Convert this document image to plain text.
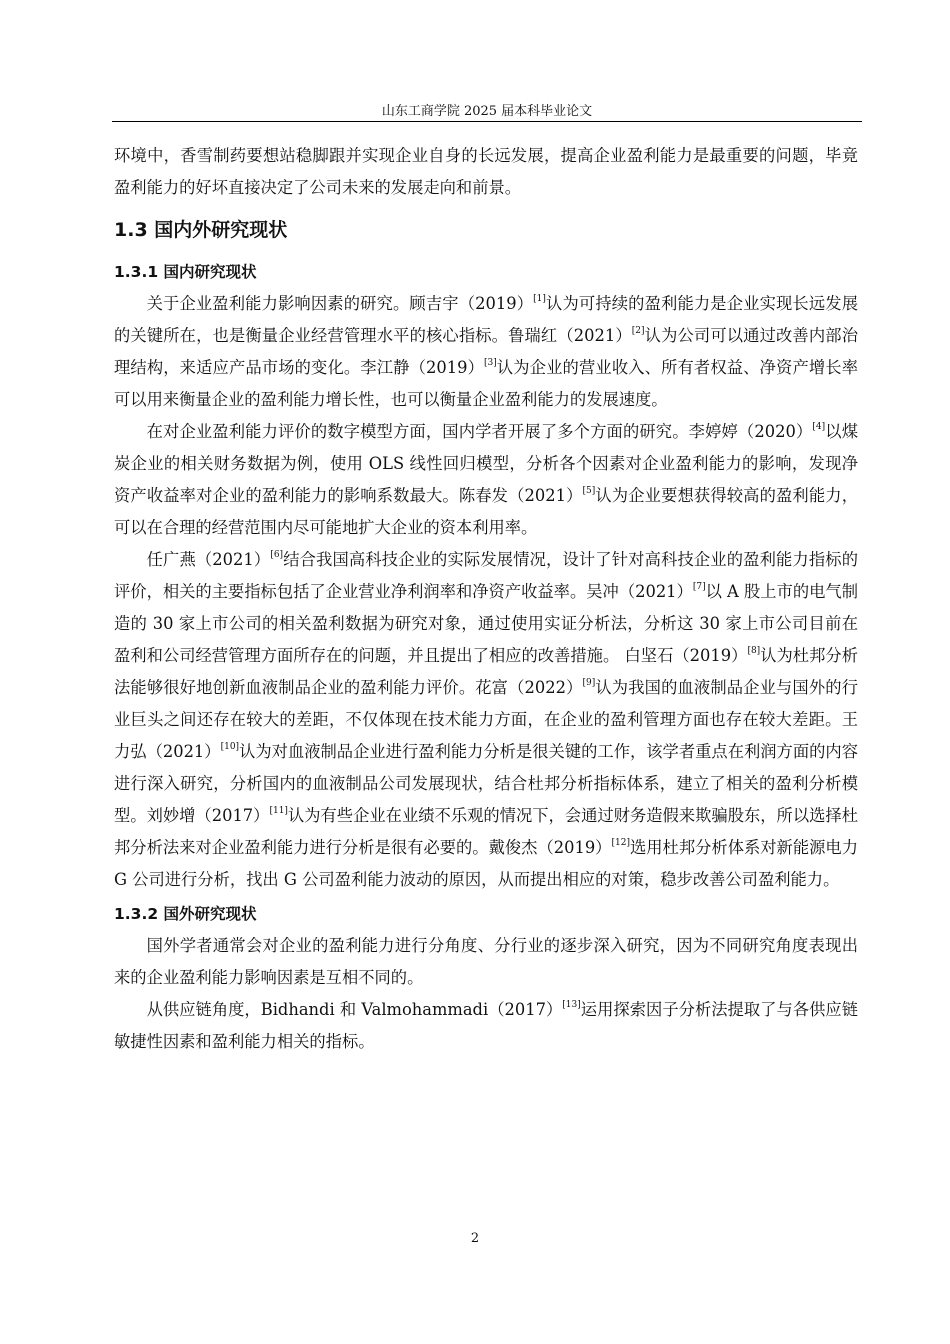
山东工商学院 2025 届本科毕业论文

环境中，香雪制药要想站稳脚跟并实现企业自身的长远发展，提高企业盈利能力是最重要的问题，毕竟盈利能力的好坏直接决定了公司未来的发展走向和前景。

1.3 国内外研究现状
1.3.1 国内研究现状

关于企业盈利能力影响因素的研究。顾吉宇（2019）[1]认为可持续的盈利能力是企业实现长远发展的关键所在，也是衡量企业经营管理水平的核心指标。鲁瑞红（2021）[2]认为公司可以通过改善内部治理结构，来适应产品市场的变化。李江静（2019）[3]认为企业的营业收入、所有者权益、净资产增长率可以用来衡量企业的盈利能力增长性，也可以衡量企业盈利能力的发展速度。

在对企业盈利能力评价的数字模型方面，国内学者开展了多个方面的研究。李婷婷（2020）[4]以煤炭企业的相关财务数据为例，使用 OLS 线性回归模型，分析各个因素对企业盈利能力的影响，发现净资产收益率对企业的盈利能力的影响系数最大。陈春发（2021）[5]认为企业要想获得较高的盈利能力，可以在合理的经营范围内尽可能地扩大企业的资本利用率。

任广燕（2021）[6]结合我国高科技企业的实际发展情况，设计了针对高科技企业的盈利能力指标的评价，相关的主要指标包括了企业营业净利润率和净资产收益率。吴冲（2021）[7]以 A 股上市的电气制造的 30 家上市公司的相关盈利数据为研究对象，通过使用实证分析法，分析这 30 家上市公司目前在盈利和公司经营管理方面所存在的问题，并且提出了相应的改善措施。 白坚石（2019）[8]认为杜邦分析法能够很好地创新血液制品企业的盈利能力评价。花富（2022）[9]认为我国的血液制品企业与国外的行业巨头之间还存在较大的差距，不仅体现在技术能力方面，在企业的盈利管理方面也存在较大差距。王力弘（2021）[10]认为对血液制品企业进行盈利能力分析是很关键的工作，该学者重点在利润方面的内容进行深入研究，分析国内的血液制品公司发展现状，结合杜邦分析指标体系，建立了相关的盈利分析模型。刘妙增（2017）[11]认为有些企业在业绩不乐观的情况下，会通过财务造假来欺骗股东，所以选择杜邦分析法来对企业盈利能力进行分析是很有必要的。戴俊杰（2019）[12]选用杜邦分析体系对新能源电力 G 公司进行分析，找出 G 公司盈利能力波动的原因，从而提出相应的对策，稳步改善公司盈利能力。

1.3.2 国外研究现状

国外学者通常会对企业的盈利能力进行分角度、分行业的逐步深入研究，因为不同研究角度表现出来的企业盈利能力影响因素是互相不同的。

从供应链角度，Bidhandi 和 Valmohammadi（2017）[13]运用探索因子分析法提取了与各供应链敏捷性因素和盈利能力相关的指标。

2
